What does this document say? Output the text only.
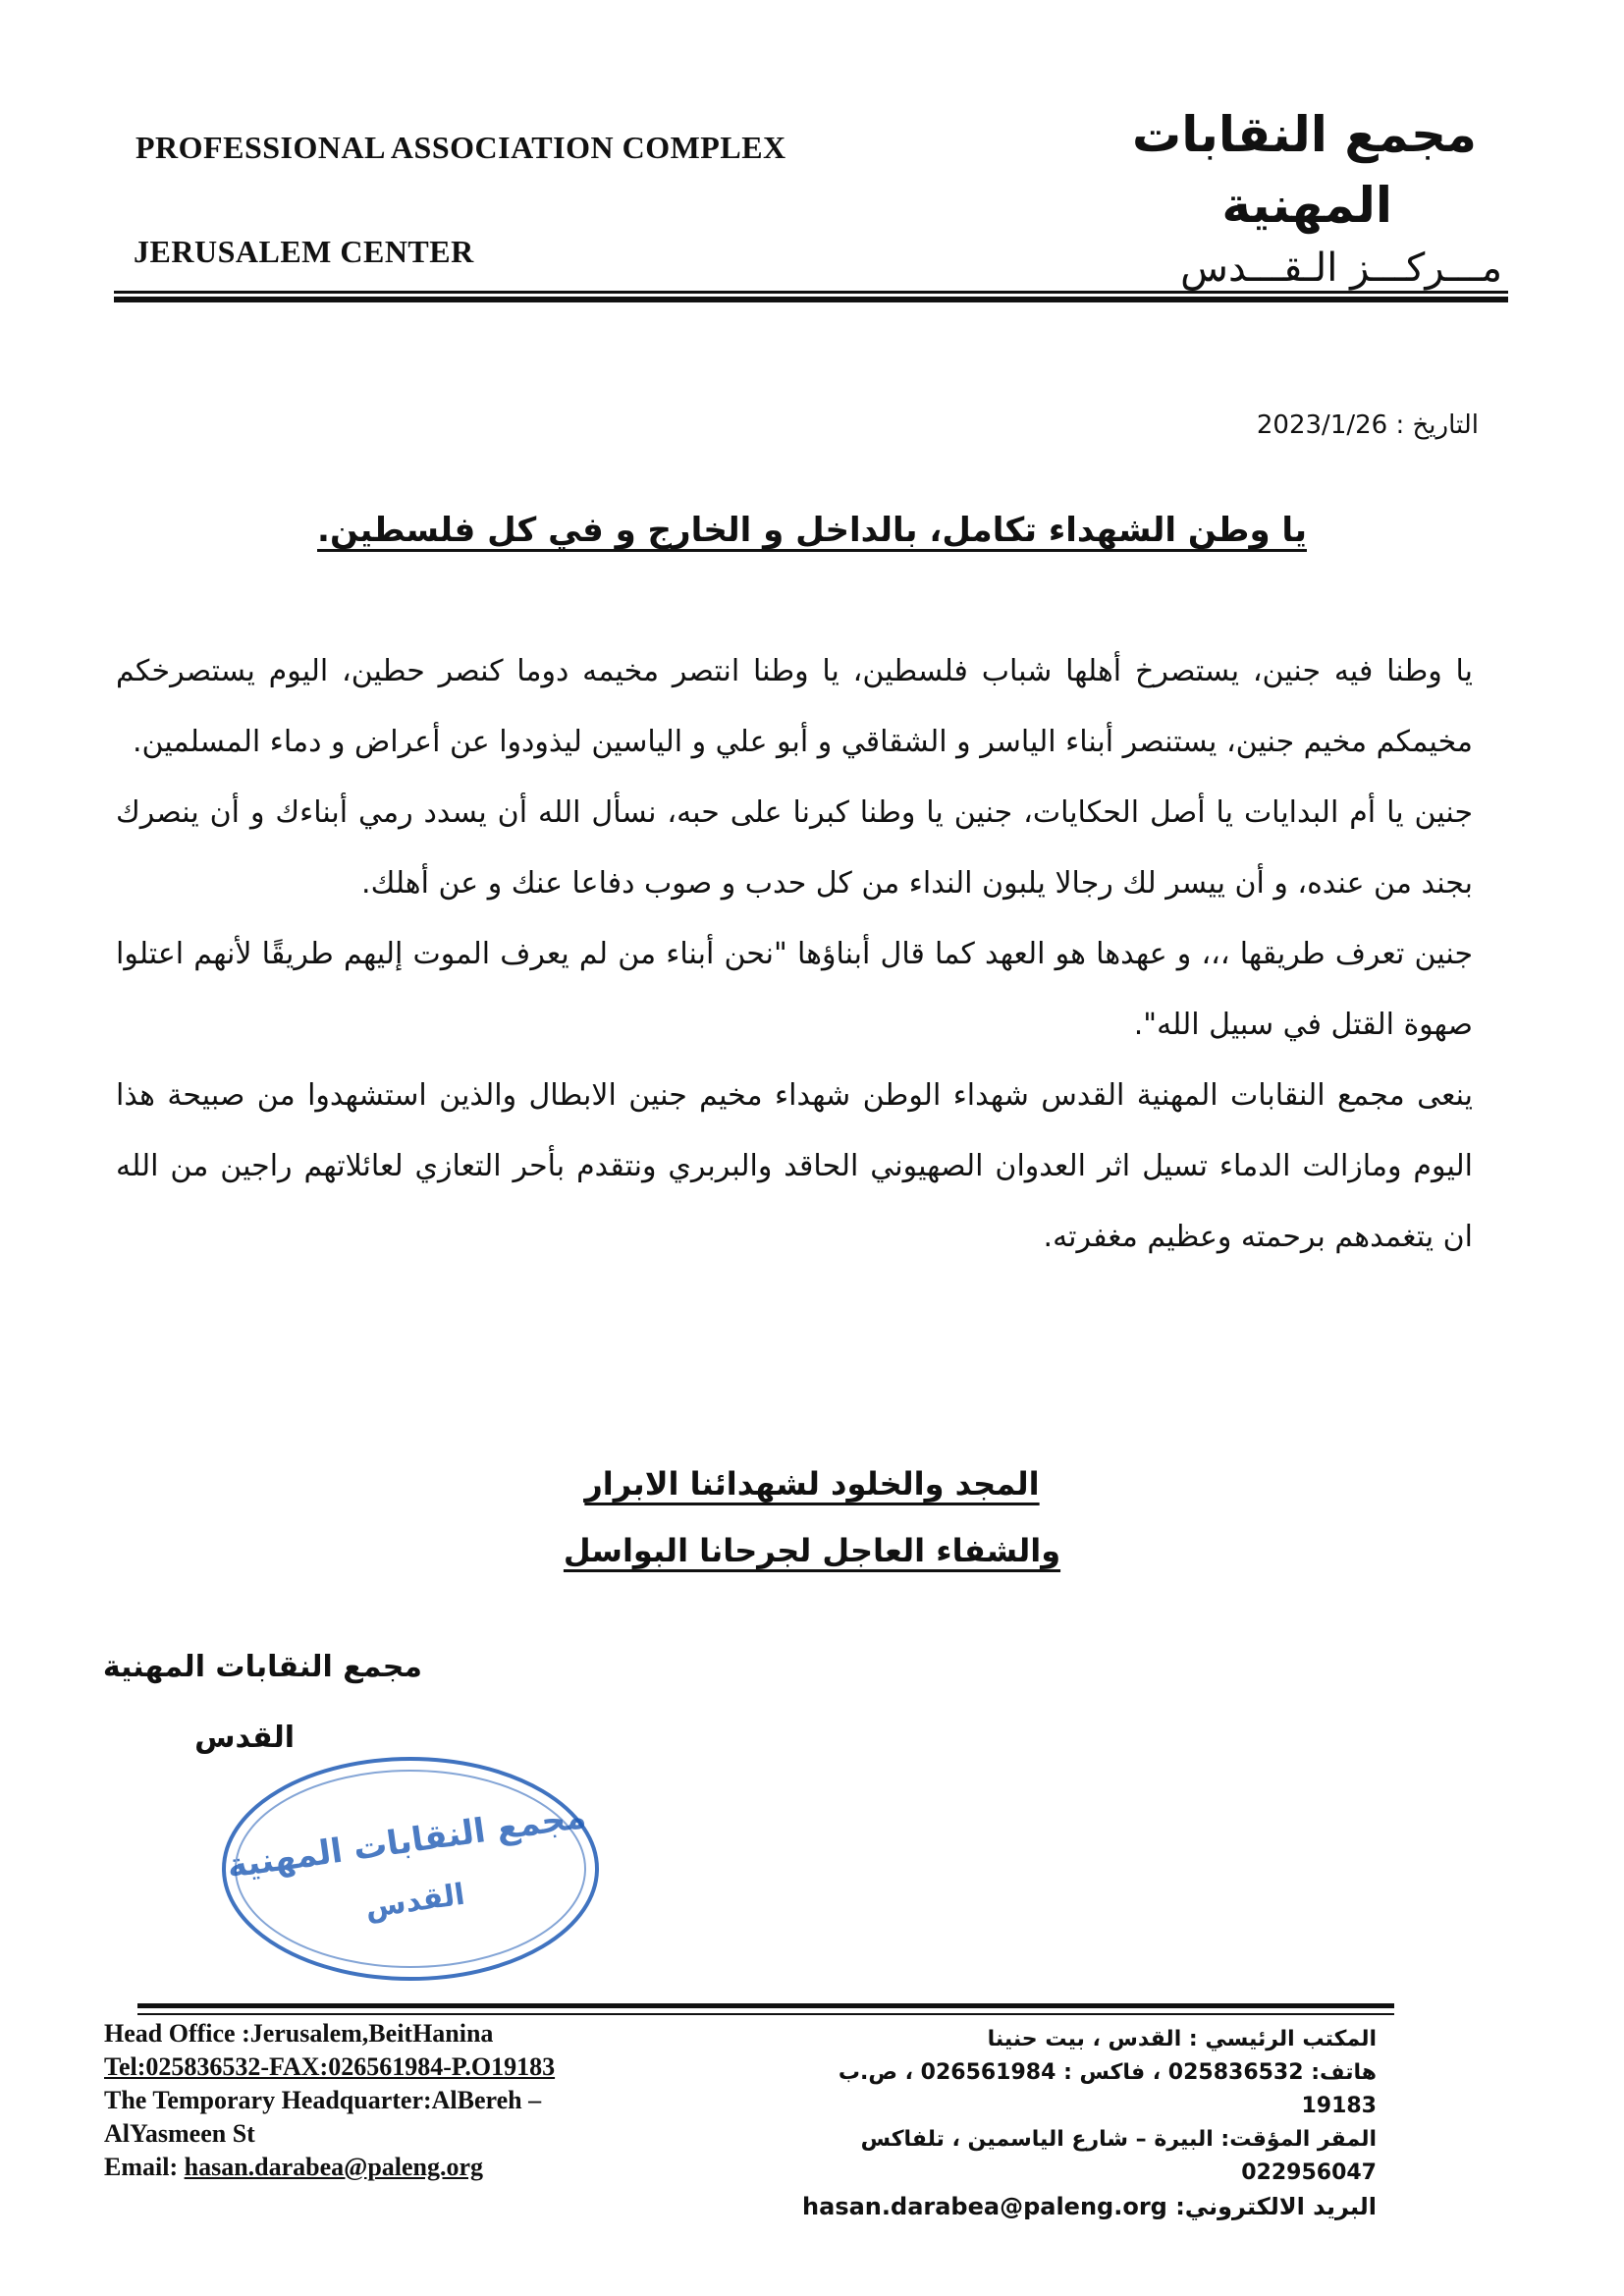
PROFESSIONAL ASSOCIATION COMPLEX
JERUSALEM CENTER
مجمع النقابات
المهنية
مـــركـــز الـقـــدس
التاريخ : 2023/1/26
يا وطن الشهداء تكامل، بالداخل و الخارج و في كل فلسطين.

يا وطنا فيه جنين، يستصرخ أهلها شباب فلسطين، يا وطنا انتصر مخيمه دوما كنصر حطين، اليوم يستصرخكم مخيمكم مخيم جنين، يستنصر أبناء الياسر و الشقاقي و أبو علي و الياسين ليذودوا عن أعراض و دماء المسلمين.

جنين يا أم البدايات يا أصل الحكايات، جنين يا وطنا كبرنا على حبه، نسأل الله أن يسدد رمي أبناءك و أن ينصرك بجند من عنده، و أن ييسر لك رجالا يلبون النداء من كل حدب و صوب دفاعا عنك و عن أهلك.

جنين تعرف طريقها ،،، و عهدها هو العهد كما قال أبناؤها "نحن أبناء من لم يعرف الموت إليهم طريقًا لأنهم اعتلوا صهوة القتل في سبيل الله".

ينعى مجمع النقابات المهنية القدس شهداء الوطن شهداء مخيم جنين الابطال والذين استشهدوا من صبيحة هذا اليوم ومازالت الدماء تسيل اثر العدوان الصهيوني الحاقد والبربري ونتقدم بأحر التعازي لعائلاتهم راجين من الله ان يتغمدهم برحمته وعظيم مغفرته.

المجد والخلود لشهدائنا الابرار
والشفاء العاجل لجرحانا البواسل
مجمع النقابات المهنية
القدس
مجمع النقابات المهنية
القدس
Head Office :Jerusalem,BeitHanina
Tel:025836532-FAX:026561984-P.O19183
The Temporary Headquarter:AlBereh –
AlYasmeen St
Email: hasan.darabea@paleng.org
المكتب الرئيسي : القدس ، بيت حنينا
هاتف: 025836532 ، فاكس : 026561984 ، ص.ب
19183
المقر المؤقت: البيرة – شارع الياسمين ، تلفاكس
022956047
البريد الالكتروني: hasan.darabea@paleng.org
